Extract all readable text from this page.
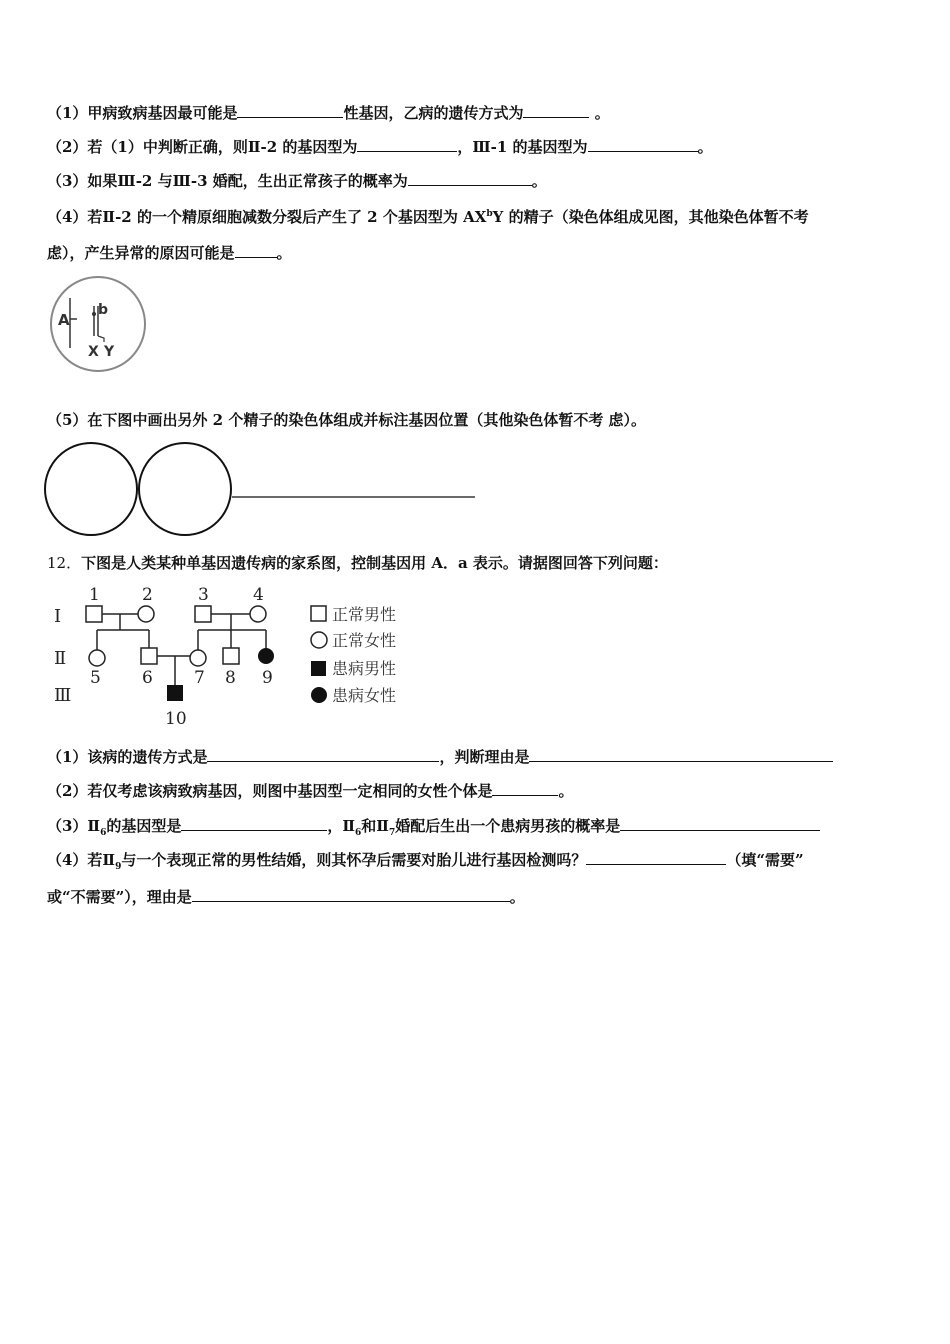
（1）甲病致病基因最可能是	性基因，乙病的遗传方式为	。
（2）若（1）中判断正确，则Ⅱ-2 的基因型为	，Ⅲ-1 的基因型为	。
（3）如果Ⅲ-2 与Ⅲ-3 婚配，生出正常孩子的概率为	。
（4）若Ⅱ-2 的一个精原细胞减数分裂后产生了 2 个基因型为 $AX^bY$ 的精子（染色体组成见图，其他染色体暂不考
虑），产生异常的原因可能是	。
A
b
X Y
（5）在下图中画出另外 2 个精子的染色体组成并标注基因位置（其他染色体暂不考 虑）。
12．下图是人类某种单基因遗传病的家系图，控制基因用 A．a 表示。请据图回答下列问题：
Ⅰ
Ⅱ
Ⅲ
1 2	3	4
5 6 7 8 9
10
正常男性
正常女性
患病男性
患病女性
（1）该病的遗传方式是	，判断理由是
（2）若仅考虑该病致病基因，则图中基因型一定相同的女性个体是	。
$(3)Ⅱ_6$的基因型是	，$Ⅱ_6$和$Ⅱ_7$婚配后生出一个患病男孩的概率是
（4）若$Ⅱ_9$与一个表现正常的男性结婚，则其怀孕后需要对胎儿进行基因检测吗？	（填“需要”
或“不需要”），理由是	。
